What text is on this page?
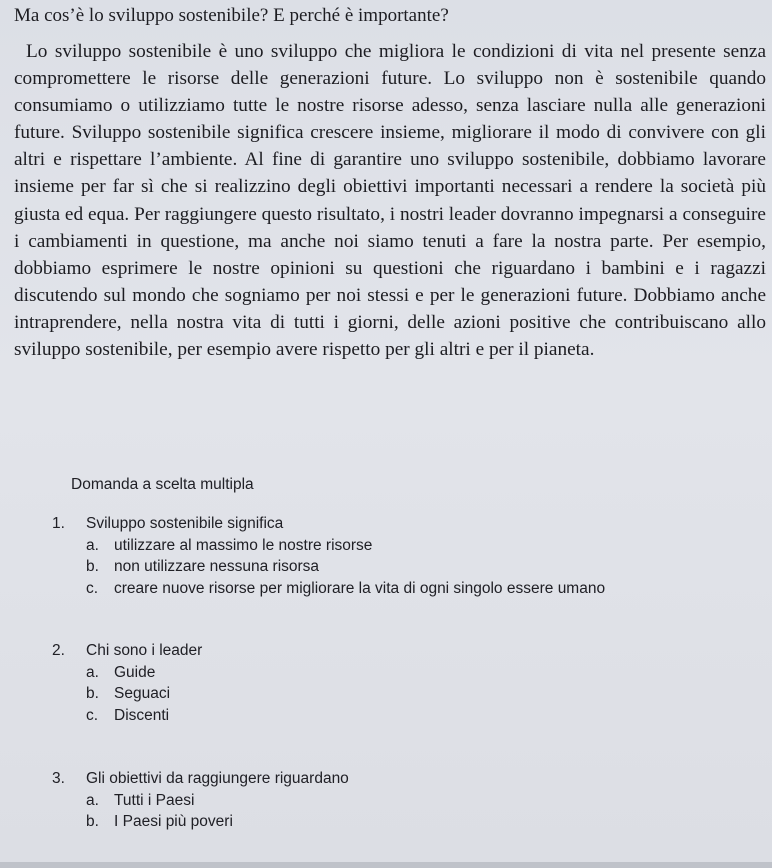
Ma cos’è lo sviluppo sostenibile? E perché è importante?

Lo sviluppo sostenibile è uno sviluppo che migliora le condizioni di vita nel presente senza compromettere le risorse delle generazioni future. Lo sviluppo non è sostenibile quando consumiamo o utilizziamo tutte le nostre risorse adesso, senza lasciare nulla alle generazioni future. Sviluppo sostenibile significa crescere insieme, migliorare il modo di convivere con gli altri e rispettare l’ambiente. Al fine di garantire uno sviluppo sostenibile, dobbiamo lavorare insieme per far sì che si realizzino degli obiettivi importanti necessari a rendere la società più giusta ed equa. Per raggiungere questo risultato, i nostri leader dovranno impegnarsi a conseguire i cambiamenti in questione, ma anche noi siamo tenuti a fare la nostra parte. Per esempio, dobbiamo esprimere le nostre opinioni su questioni che riguardano i bambini e i ragazzi discutendo sul mondo che sogniamo per noi stessi e per le generazioni future. Dobbiamo anche intraprendere, nella nostra vita di tutti i giorni, delle azioni positive che contribuiscano allo sviluppo sostenibile, per esempio avere rispetto per gli altri e per il pianeta.

Domanda a scelta multipla
1. Sviluppo sostenibile significa
a. utilizzare al massimo le nostre risorse
b. non utilizzare nessuna risorsa
c. creare nuove risorse per migliorare la vita di ogni singolo essere umano
2. Chi sono i leader
a. Guide
b. Seguaci
c. Discenti
3. Gli obiettivi da raggiungere riguardano
a. Tutti i Paesi
b. I Paesi più poveri
